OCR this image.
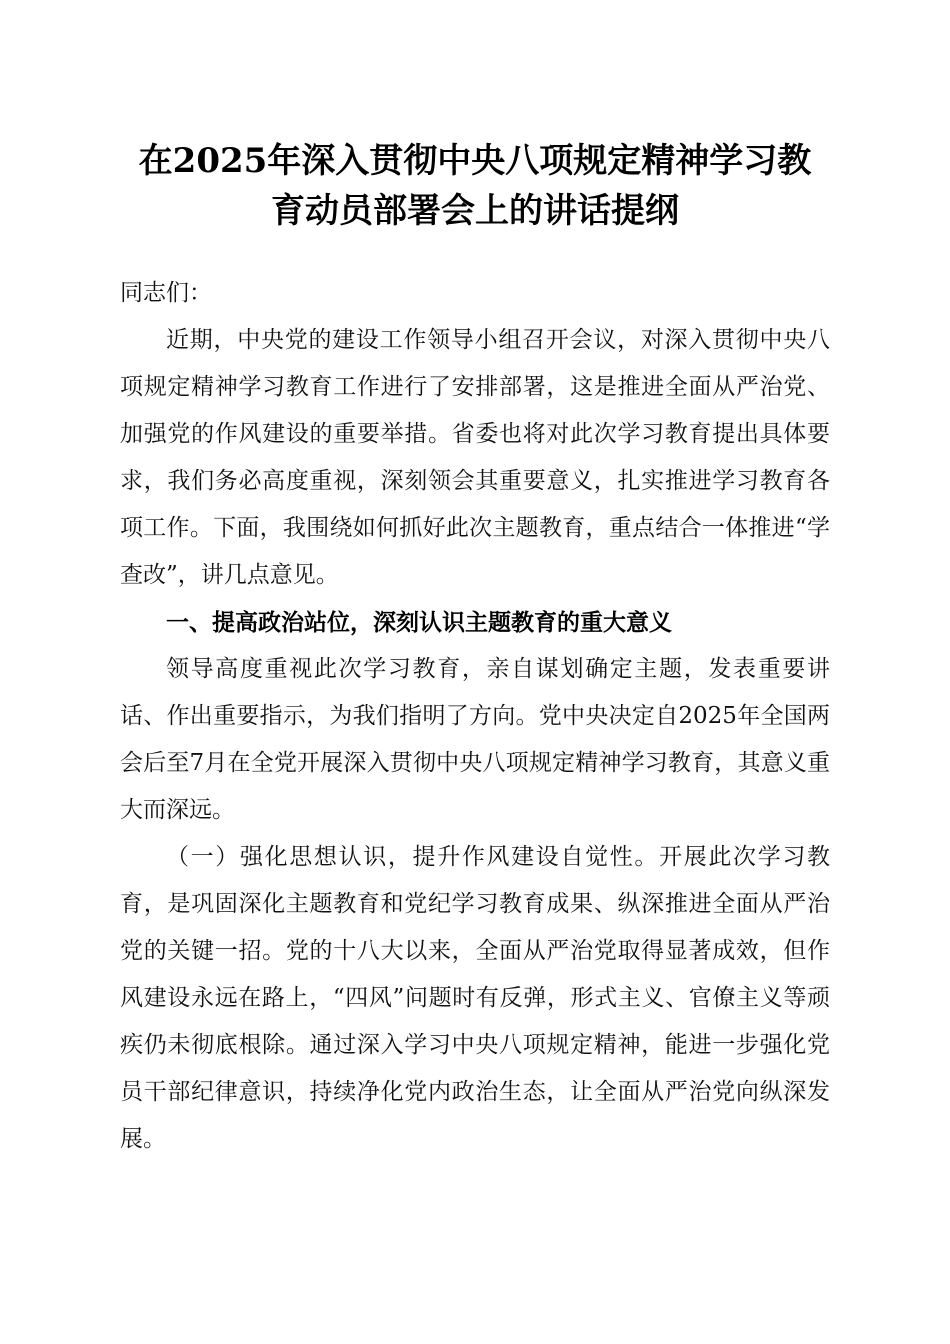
在2025年深入贯彻中央八项规定精神学习教
育动员部署会上的讲话提纲

同志们：

近期，中央党的建设工作领导小组召开会议，对深入贯彻中央八项规定精神学习教育工作进行了安排部署，这是推进全面从严治党、加强党的作风建设的重要举措。省委也将对此次学习教育提出具体要求，我们务必高度重视，深刻领会其重要意义，扎实推进学习教育各项工作。下面，我围绕如何抓好此次主题教育，重点结合一体推进“学查改”，讲几点意见。

一、提高政治站位，深刻认识主题教育的重大意义

领导高度重视此次学习教育，亲自谋划确定主题，发表重要讲话、作出重要指示，为我们指明了方向。党中央决定自2025年全国两会后至7月在全党开展深入贯彻中央八项规定精神学习教育，其意义重大而深远。

（一）强化思想认识，提升作风建设自觉性。开展此次学习教育，是巩固深化主题教育和党纪学习教育成果、纵深推进全面从严治党的关键一招。党的十八大以来，全面从严治党取得显著成效，但作风建设永远在路上，“四风”问题时有反弹，形式主义、官僚主义等顽疾仍未彻底根除。通过深入学习中央八项规定精神，能进一步强化党员干部纪律意识，持续净化党内政治生态，让全面从严治党向纵深发展。
